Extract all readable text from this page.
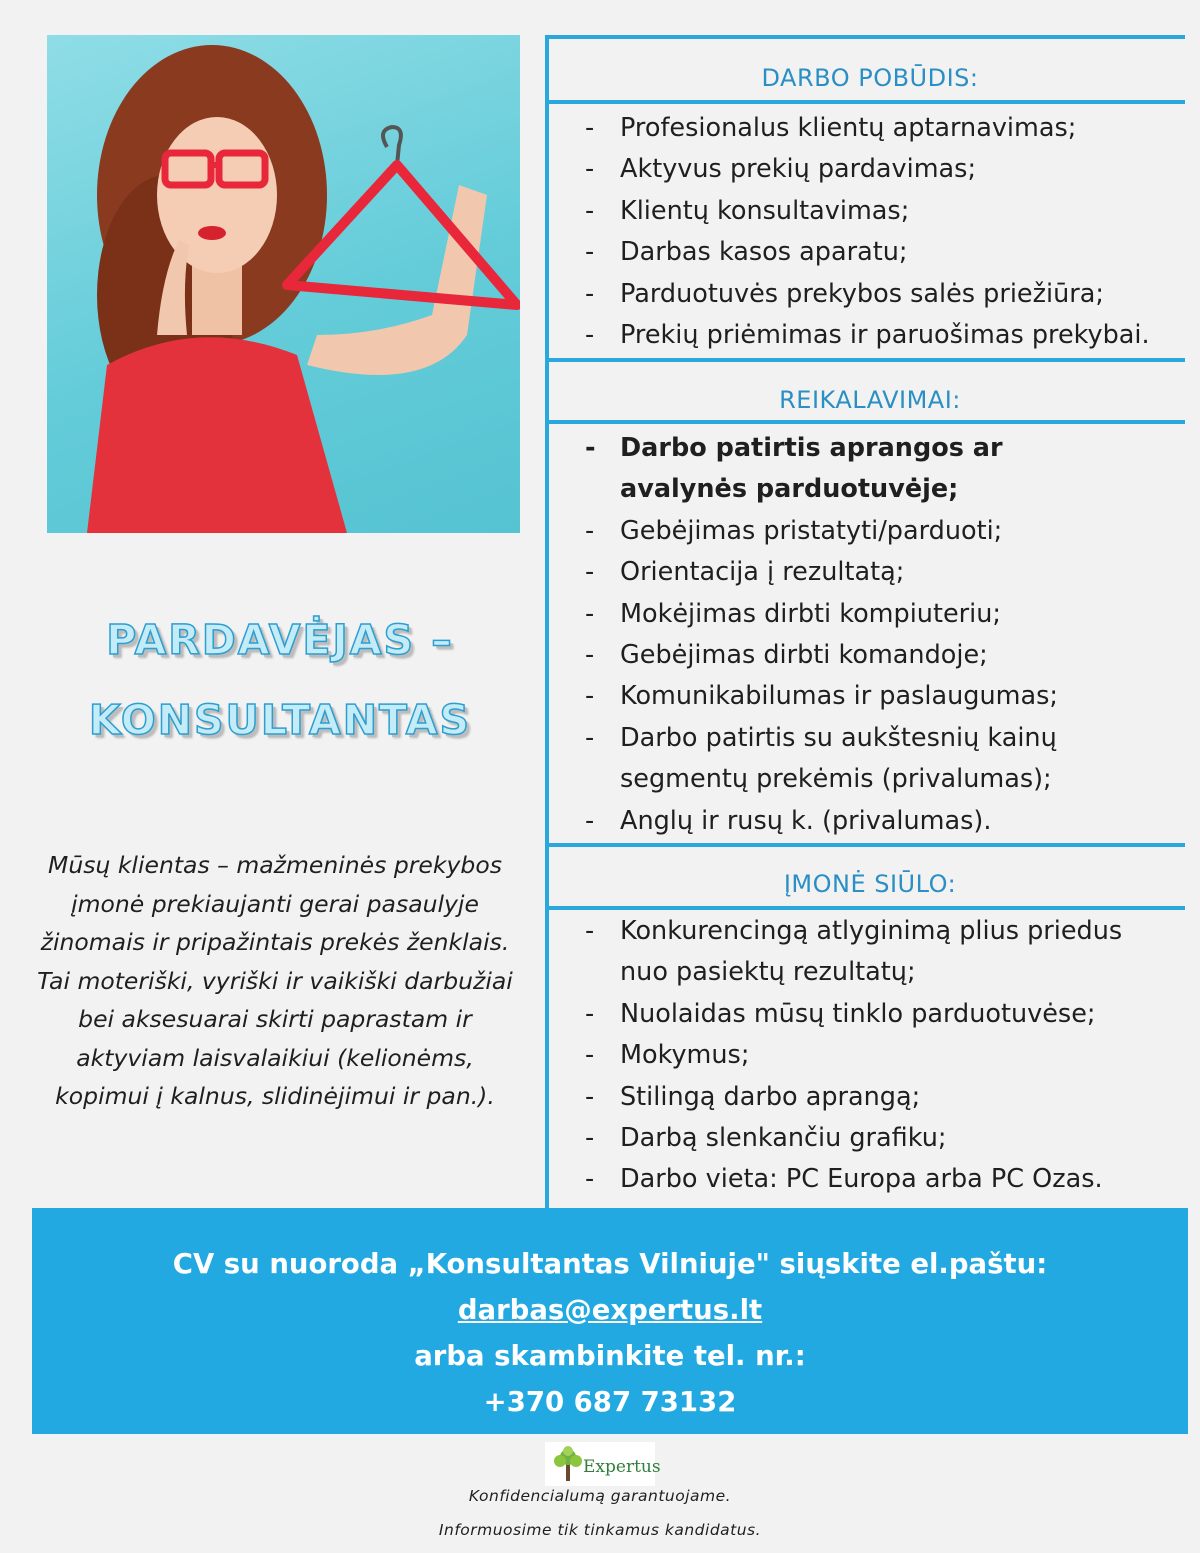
PARDAVĖJAS –
KONSULTANTAS
Mūsų klientas – mažmeninės prekybos įmonė prekiaujanti gerai pasaulyje žinomais ir pripažintais prekės ženklais. Tai moteriški, vyriški ir vaikiški darbužiai bei aksesuarai skirti paprastam ir aktyviam laisvalaikiui (kelionėms, kopimui į kalnus, slidinėjimui ir pan.).
DARBO POBŪDIS:
- Profesionalus klientų aptarnavimas;
- Aktyvus prekių pardavimas;
- Klientų konsultavimas;
- Darbas kasos aparatu;
- Parduotuvės prekybos salės priežiūra;
- Prekių priėmimas ir paruošimas prekybai.
REIKALAVIMAI:
- Darbo patirtis aprangos ar avalynės parduotuvėje;
- Gebėjimas pristatyti/parduoti;
- Orientacija į rezultatą;
- Mokėjimas dirbti kompiuteriu;
- Gebėjimas dirbti komandoje;
- Komunikabilumas ir paslaugumas;
- Darbo patirtis su aukštesnių kainų segmentų prekėmis (privalumas);
- Anglų ir rusų k. (privalumas).
ĮMONĖ SIŪLO:
- Konkurencingą atlyginimą plius priedus nuo pasiektų rezultatų;
- Nuolaidas mūsų tinklo parduotuvėse;
- Mokymus;
- Stilingą darbo aprangą;
- Darbą slenkančiu grafiku;
- Darbo vieta: PC Europa arba PC Ozas.
CV su nuoroda „Konsultantas Vilniuje" siųskite el.paštu:
darbas@expertus.lt
arba skambinkite tel. nr.:
+370 687 73132
Expertus
Konfidencialumą garantuojame.
Informuosime tik tinkamus kandidatus.
